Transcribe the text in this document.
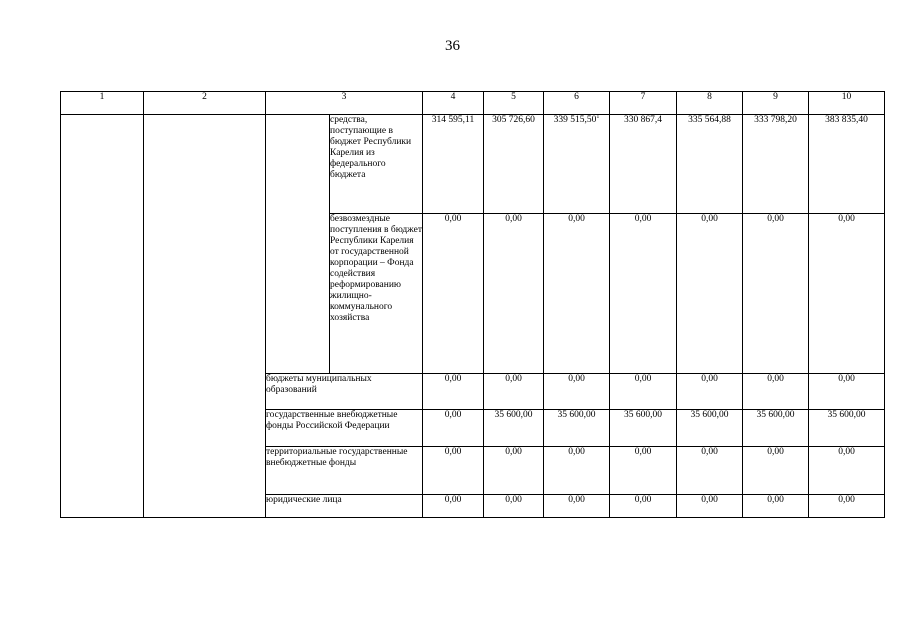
36
1	2	3		4	5	6	7	8	9	10
			средства, поступающие в бюджет Республики Карелия из федерального бюджета	314 595,11	305 726,60	339 515,50$^1$	330 867,4	335 564,88	333 798,20	383 835,40
			безвозмездные поступления в бюджет Республики Карелия от государственной корпорации – Фонда содействия реформированию жилищно-коммунального хозяйства	0,00	0,00	0,00	0,00	0,00	0,00	0,00
		бюджеты муниципальных образований		0,00	0,00	0,00	0,00	0,00	0,00	0,00
		государственные внебюджетные фонды Российской Федерации		0,00	35 600,00	35 600,00	35 600,00	35 600,00	35 600,00	35 600,00
		территориальные государственные внебюджетные фонды		0,00	0,00	0,00	0,00	0,00	0,00	0,00
		юридические лица		0,00	0,00	0,00	0,00	0,00	0,00	0,00
